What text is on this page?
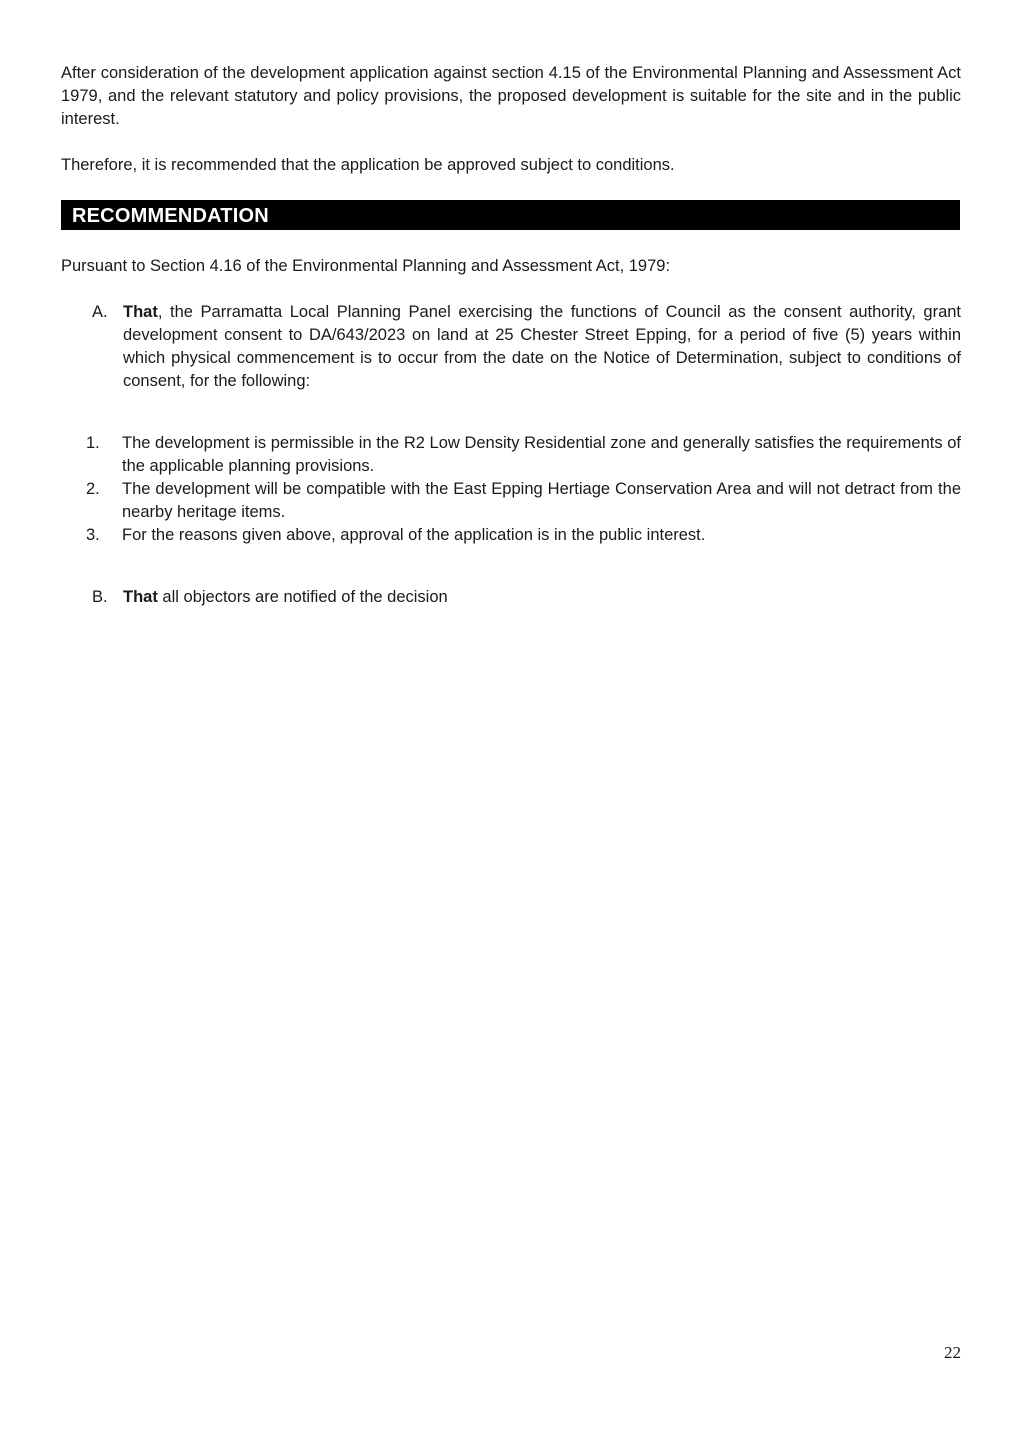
After consideration of the development application against section 4.15 of the Environmental Planning and Assessment Act 1979, and the relevant statutory and policy provisions, the proposed development is suitable for the site and in the public interest.

Therefore, it is recommended that the application be approved subject to conditions.

RECOMMENDATION

Pursuant to Section 4.16 of the Environmental Planning and Assessment Act, 1979:

A. That, the Parramatta Local Planning Panel exercising the functions of Council as the consent authority, grant development consent to DA/643/2023 on land at 25 Chester Street Epping, for a period of five (5) years within which physical commencement is to occur from the date on the Notice of Determination, subject to conditions of consent, for the following:
1.	The development is permissible in the R2 Low Density Residential zone and generally satisfies the requirements of the applicable planning provisions.
2.	The development will be compatible with the East Epping Hertiage Conservation Area and will not detract from the nearby heritage items.
3.	For the reasons given above, approval of the application is in the public interest.
B. That all objectors are notified of the decision
22
